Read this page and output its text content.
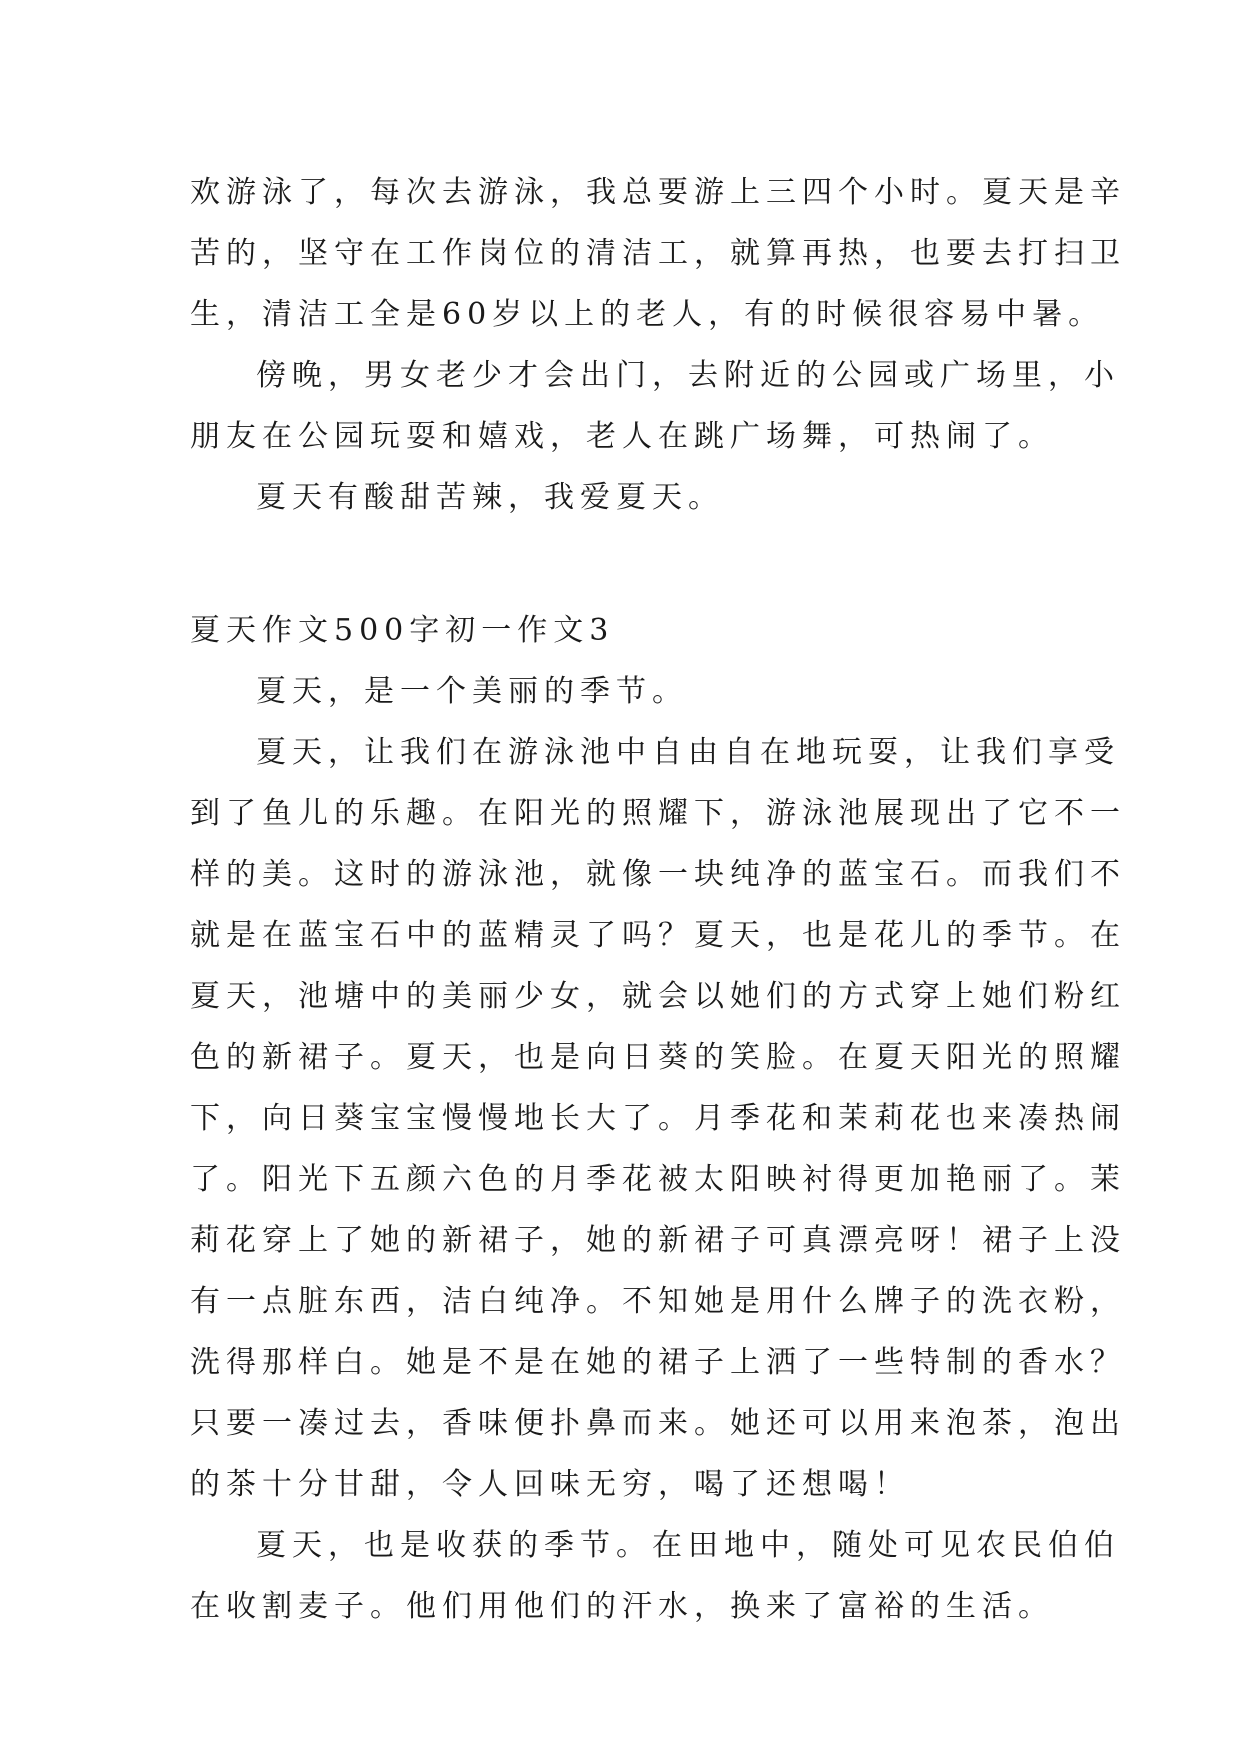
欢游泳了，每次去游泳，我总要游上三四个小时。夏天是辛
苦的，坚守在工作岗位的清洁工，就算再热，也要去打扫卫
生，清洁工全是60岁以上的老人，有的时候很容易中暑。
傍晚，男女老少才会出门，去附近的公园或广场里，小
朋友在公园玩耍和嬉戏，老人在跳广场舞，可热闹了。
夏天有酸甜苦辣，我爱夏天。
夏天作文500字初一作文3
夏天，是一个美丽的季节。
夏天，让我们在游泳池中自由自在地玩耍，让我们享受
到了鱼儿的乐趣。在阳光的照耀下，游泳池展现出了它不一
样的美。这时的游泳池，就像一块纯净的蓝宝石。而我们不
就是在蓝宝石中的蓝精灵了吗？夏天，也是花儿的季节。在
夏天，池塘中的美丽少女，就会以她们的方式穿上她们粉红
色的新裙子。夏天，也是向日葵的笑脸。在夏天阳光的照耀
下，向日葵宝宝慢慢地长大了。月季花和茉莉花也来凑热闹
了。阳光下五颜六色的月季花被太阳映衬得更加艳丽了。茉
莉花穿上了她的新裙子，她的新裙子可真漂亮呀！裙子上没
有一点脏东西，洁白纯净。不知她是用什么牌子的洗衣粉，
洗得那样白。她是不是在她的裙子上洒了一些特制的香水？
只要一凑过去，香味便扑鼻而来。她还可以用来泡茶，泡出
的茶十分甘甜，令人回味无穷，喝了还想喝！
夏天，也是收获的季节。在田地中，随处可见农民伯伯
在收割麦子。他们用他们的汗水，换来了富裕的生活。
